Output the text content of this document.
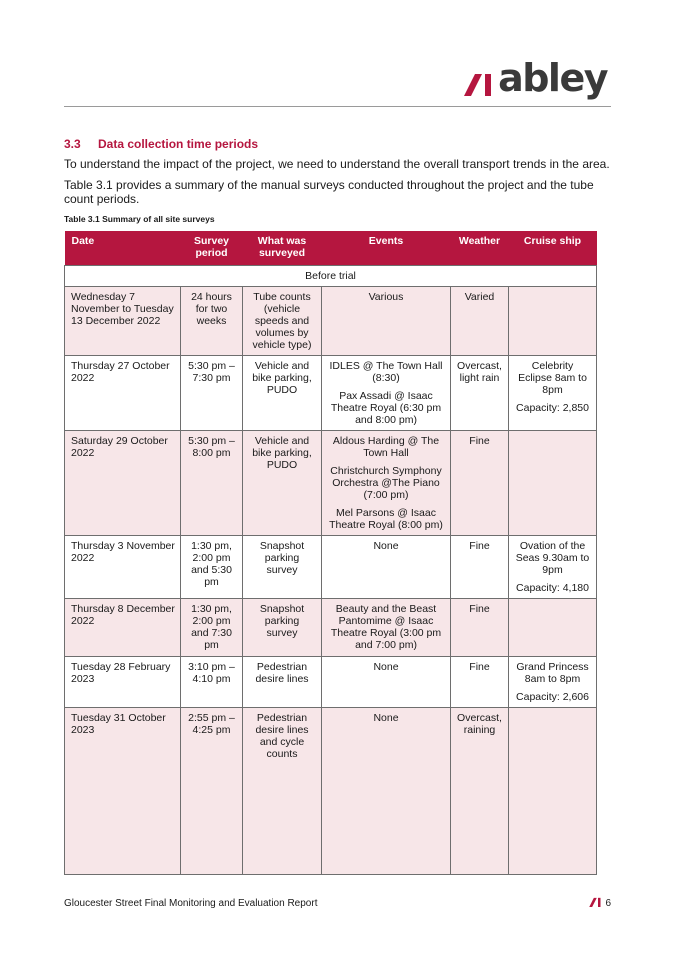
abley
3.3 Data collection time periods

To understand the impact of the project, we need to understand the overall transport trends in the area.

Table 3.1 provides a summary of the manual surveys conducted throughout the project and the tube count periods.

Table 3.1 Summary of all site surveys
Date	Survey period	What was surveyed	Events	Weather	Cruise ship
Before trial					
Wednesday 7 November to Tuesday 13 December 2022	24 hours for two weeks	Tube counts (vehicle speeds and volumes by vehicle type)	Various	Varied	
Thursday 27 October 2022	5:30 pm – 7:30 pm	Vehicle and bike parking, PUDO	IDLES @ The Town Hall (8:30)
Pax Assadi @ Isaac Theatre Royal (6:30 pm and 8:00 pm)	Overcast, light rain	Celebrity Eclipse 8am to 8pm
Capacity: 2,850

Saturday 29 October 2022	5:30 pm – 8:00 pm	Vehicle and bike parking, PUDO	Aldous Harding @ The Town Hall
Christchurch Symphony Orchestra @The Piano (7:00 pm)
Mel Parsons @ Isaac Theatre Royal (8:00 pm)	Fine	
Thursday 3 November 2022	1:30 pm, 2:00 pm and 5:30 pm	Snapshot parking survey	None	Fine	Ovation of the Seas 9.30am to 9pm
Capacity: 4,180

Thursday 8 December 2022	1:30 pm, 2:00 pm and 7:30 pm	Snapshot parking survey	Beauty and the Beast Pantomime @ Isaac Theatre Royal (3:00 pm and 7:00 pm)	Fine	
Tuesday 28 February 2023	3:10 pm – 4:10 pm	Pedestrian desire lines	None	Fine	Grand Princess 8am to 8pm
Capacity: 2,606

Tuesday 31 October 2023	2:55 pm – 4:25 pm	Pedestrian desire lines and cycle counts	None	Overcast, raining	
Gloucester Street Final Monitoring and Evaluation Report	6
